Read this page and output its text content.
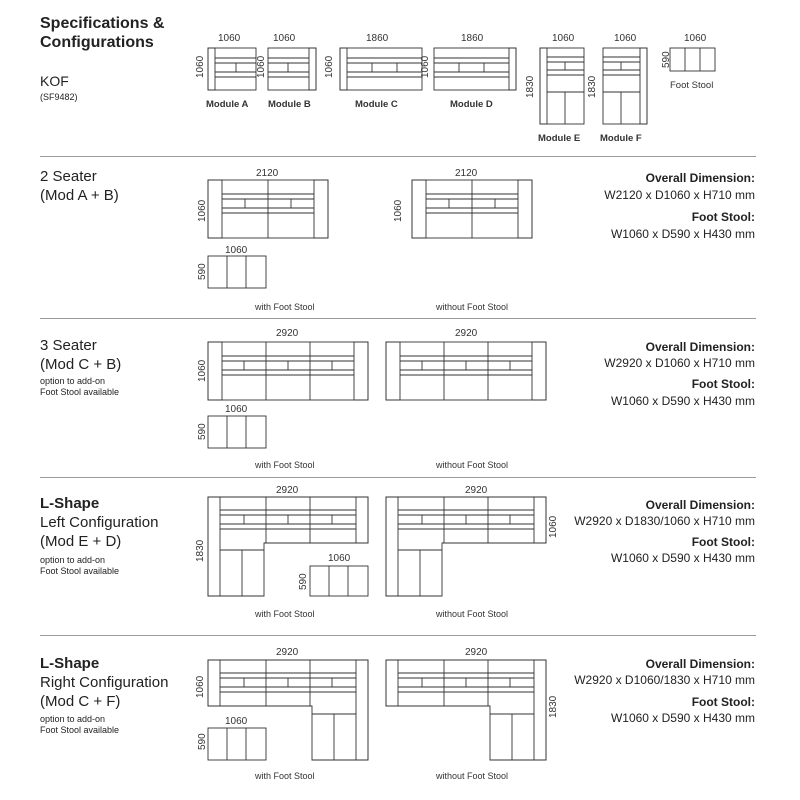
Specifications &
Configurations
KOF
(SF9482)
1060	1060	1860	1860	1060	1060	1060
1060	1060	1060	1060
1830	1830
590
Module A Module B	Module C	Module D
Module E Module F
Foot Stool
2 Seater
(Mod A + B)
2120	2120
1060	1060
1060
590
with Foot Stool	without Foot Stool
Overall Dimension:
W2120 x D1060 x H710 mm
Foot Stool:
W1060 x D590 x H430 mm
3 Seater
(Mod C + B)
option to add-on
Foot Stool available
2920	2920
1060
1060
590
with Foot Stool	without Foot Stool
Overall Dimension:
W2920 x D1060 x H710 mm
Foot Stool:
W1060 x D590 x H430 mm
L-Shape
Left Configuration
(Mod E + D)
option to add-on
Foot Stool available
2920	2920
1830
1060
1060
590
with Foot Stool	without Foot Stool
Overall Dimension:
W2920 x D1830/1060 x H710 mm
Foot Stool:
W1060 x D590 x H430 mm
L-Shape
Right Configuration
(Mod C + F)
option to add-on
Foot Stool available
2920	2920
1060
1830
1060
590
with Foot Stool	without Foot Stool
Overall Dimension:
W2920 x D1060/1830 x H710 mm
Foot Stool:
W1060 x D590 x H430 mm
